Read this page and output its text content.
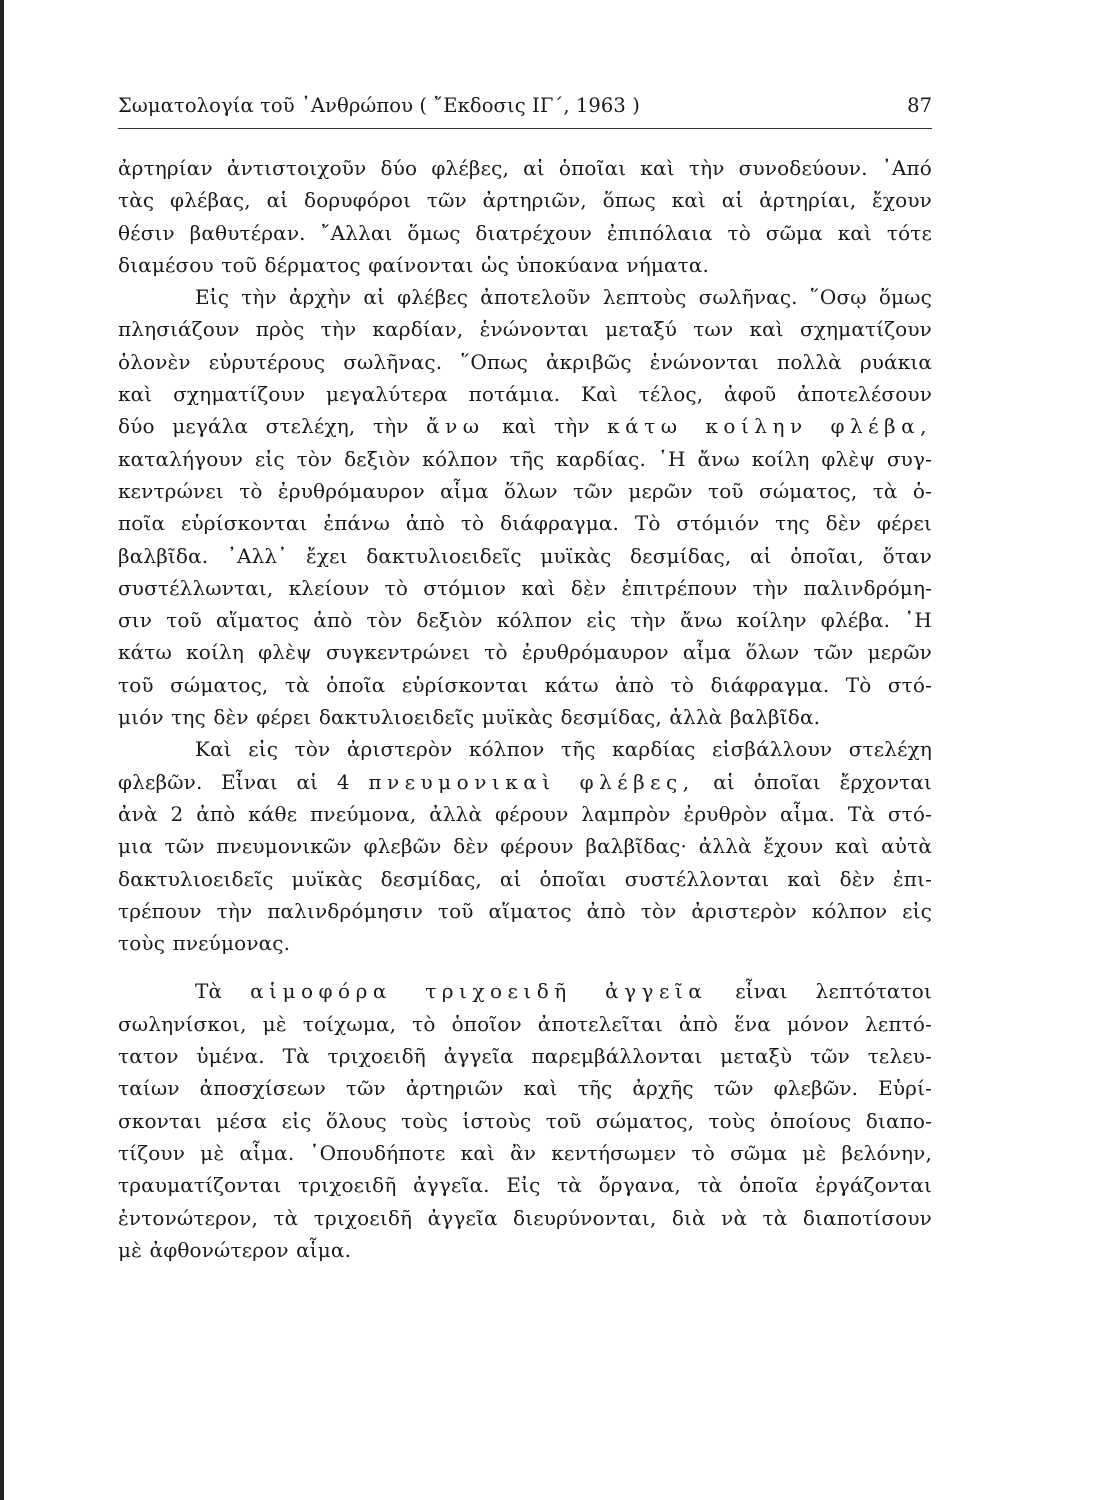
Σωματολογία τοῦ ᾽Ανθρώπου ( ῎Εκδοσις ΙΓ΄, 1963 )	87

ἀρτηρίαν ἀντιστοιχοῦν δύο φλέβες, αἱ ὁποῖαι καὶ τὴν συνοδεύουν. ᾽Από
τὰς φλέβας, αἱ δορυφόροι τῶν ἀρτηριῶν, ὅπως καὶ αἱ ἀρτηρίαι, ἔχουν
θέσιν βαθυτέραν. ῎Αλλαι ὅμως διατρέχουν ἐπιπόλαια τὸ σῶμα καὶ τότε
διαμέσου τοῦ δέρματος φαίνονται ὡς ὑποκύανα νήματα.

Εἰς τὴν ἀρχὴν αἱ φλέβες ἀποτελοῦν λεπτοὺς σωλῆνας. ῞Οσῳ ὅμως
πλησιάζουν πρὸς τὴν καρδίαν, ἑνώνονται μεταξύ των καὶ σχηματίζουν
ὁλονὲν εὐρυτέρους σωλῆνας. ῞Οπως ἀκριβῶς ἑνώνονται πολλὰ ρυάκια
καὶ σχηματίζουν μεγαλύτερα ποτάμια. Καὶ τέλος, ἀφοῦ ἀποτελέσουν
δύο μεγάλα στελέχη, τὴν ἄνω καὶ τὴν κάτω κοίλην φλέβα,
καταλήγουν εἰς τὸν δεξιὸν κόλπον τῆς καρδίας. ῾Η ἄνω κοίλη φλὲψ συγ-
κεντρώνει τὸ ἐρυθρόμαυρον αἷμα ὅλων τῶν μερῶν τοῦ σώματος, τὰ ὁ-
ποῖα εὑρίσκονται ἐπάνω ἀπὸ τὸ διάφραγμα. Τὸ στόμιόν της δὲν φέρει
βαλβῖδα. ᾽Αλλ᾽ ἔχει δακτυλιοειδεῖς μυϊκὰς δεσμίδας, αἱ ὁποῖαι, ὅταν
συστέλλωνται, κλείουν τὸ στόμιον καὶ δὲν ἐπιτρέπουν τὴν παλινδρόμη-
σιν τοῦ αἵματος ἀπὸ τὸν δεξιὸν κόλπον εἰς τὴν ἄνω κοίλην φλέβα. ῾Η
κάτω κοίλη φλὲψ συγκεντρώνει τὸ ἐρυθρόμαυρον αἷμα ὅλων τῶν μερῶν
τοῦ σώματος, τὰ ὁποῖα εὑρίσκονται κάτω ἀπὸ τὸ διάφραγμα. Τὸ στό-
μιόν της δὲν φέρει δακτυλιοειδεῖς μυϊκὰς δεσμίδας, ἀλλὰ βαλβῖδα.

Καὶ εἰς τὸν ἀριστερὸν κόλπον τῆς καρδίας εἰσβάλλουν στελέχη
φλεβῶν. Εἶναι αἱ 4 πνευμονικαὶ φλέβες, αἱ ὁποῖαι ἔρχονται
ἀνὰ 2 ἀπὸ κάθε πνεύμονα, ἀλλὰ φέρουν λαμπρὸν ἐρυθρὸν αἷμα. Τὰ στό-
μια τῶν πνευμονικῶν φλεβῶν δὲν φέρουν βαλβῖδας· ἀλλὰ ἔχουν καὶ αὐτὰ
δακτυλιοειδεῖς μυϊκὰς δεσμίδας, αἱ ὁποῖαι συστέλλονται καὶ δὲν ἐπι-
τρέπουν τὴν παλινδρόμησιν τοῦ αἵματος ἀπὸ τὸν ἀριστερὸν κόλπον εἰς
τοὺς πνεύμονας.

Τὰ αἱμοφόρα τριχοειδῆ ἀγγεῖα εἶναι λεπτότατοι
σωληνίσκοι, μὲ τοίχωμα, τὸ ὁποῖον ἀποτελεῖται ἀπὸ ἕνα μόνον λεπτό-
τατον ὑμένα. Τὰ τριχοειδῆ ἀγγεῖα παρεμβάλλονται μεταξὺ τῶν τελευ-
ταίων ἀποσχίσεων τῶν ἀρτηριῶν καὶ τῆς ἀρχῆς τῶν φλεβῶν. Εὑρί-
σκονται μέσα εἰς ὅλους τοὺς ἱστοὺς τοῦ σώματος, τοὺς ὁποίους διαπο-
τίζουν μὲ αἷμα. ῾Οπουδήποτε καὶ ἂν κεντήσωμεν τὸ σῶμα μὲ βελόνην,
τραυματίζονται τριχοειδῆ ἀγγεῖα. Εἰς τὰ ὄργανα, τὰ ὁποῖα ἐργάζονται
ἐντονώτερον, τὰ τριχοειδῆ ἀγγεῖα διευρύνονται, διὰ νὰ τὰ διαποτίσουν
μὲ ἀφθονώτερον αἷμα.
